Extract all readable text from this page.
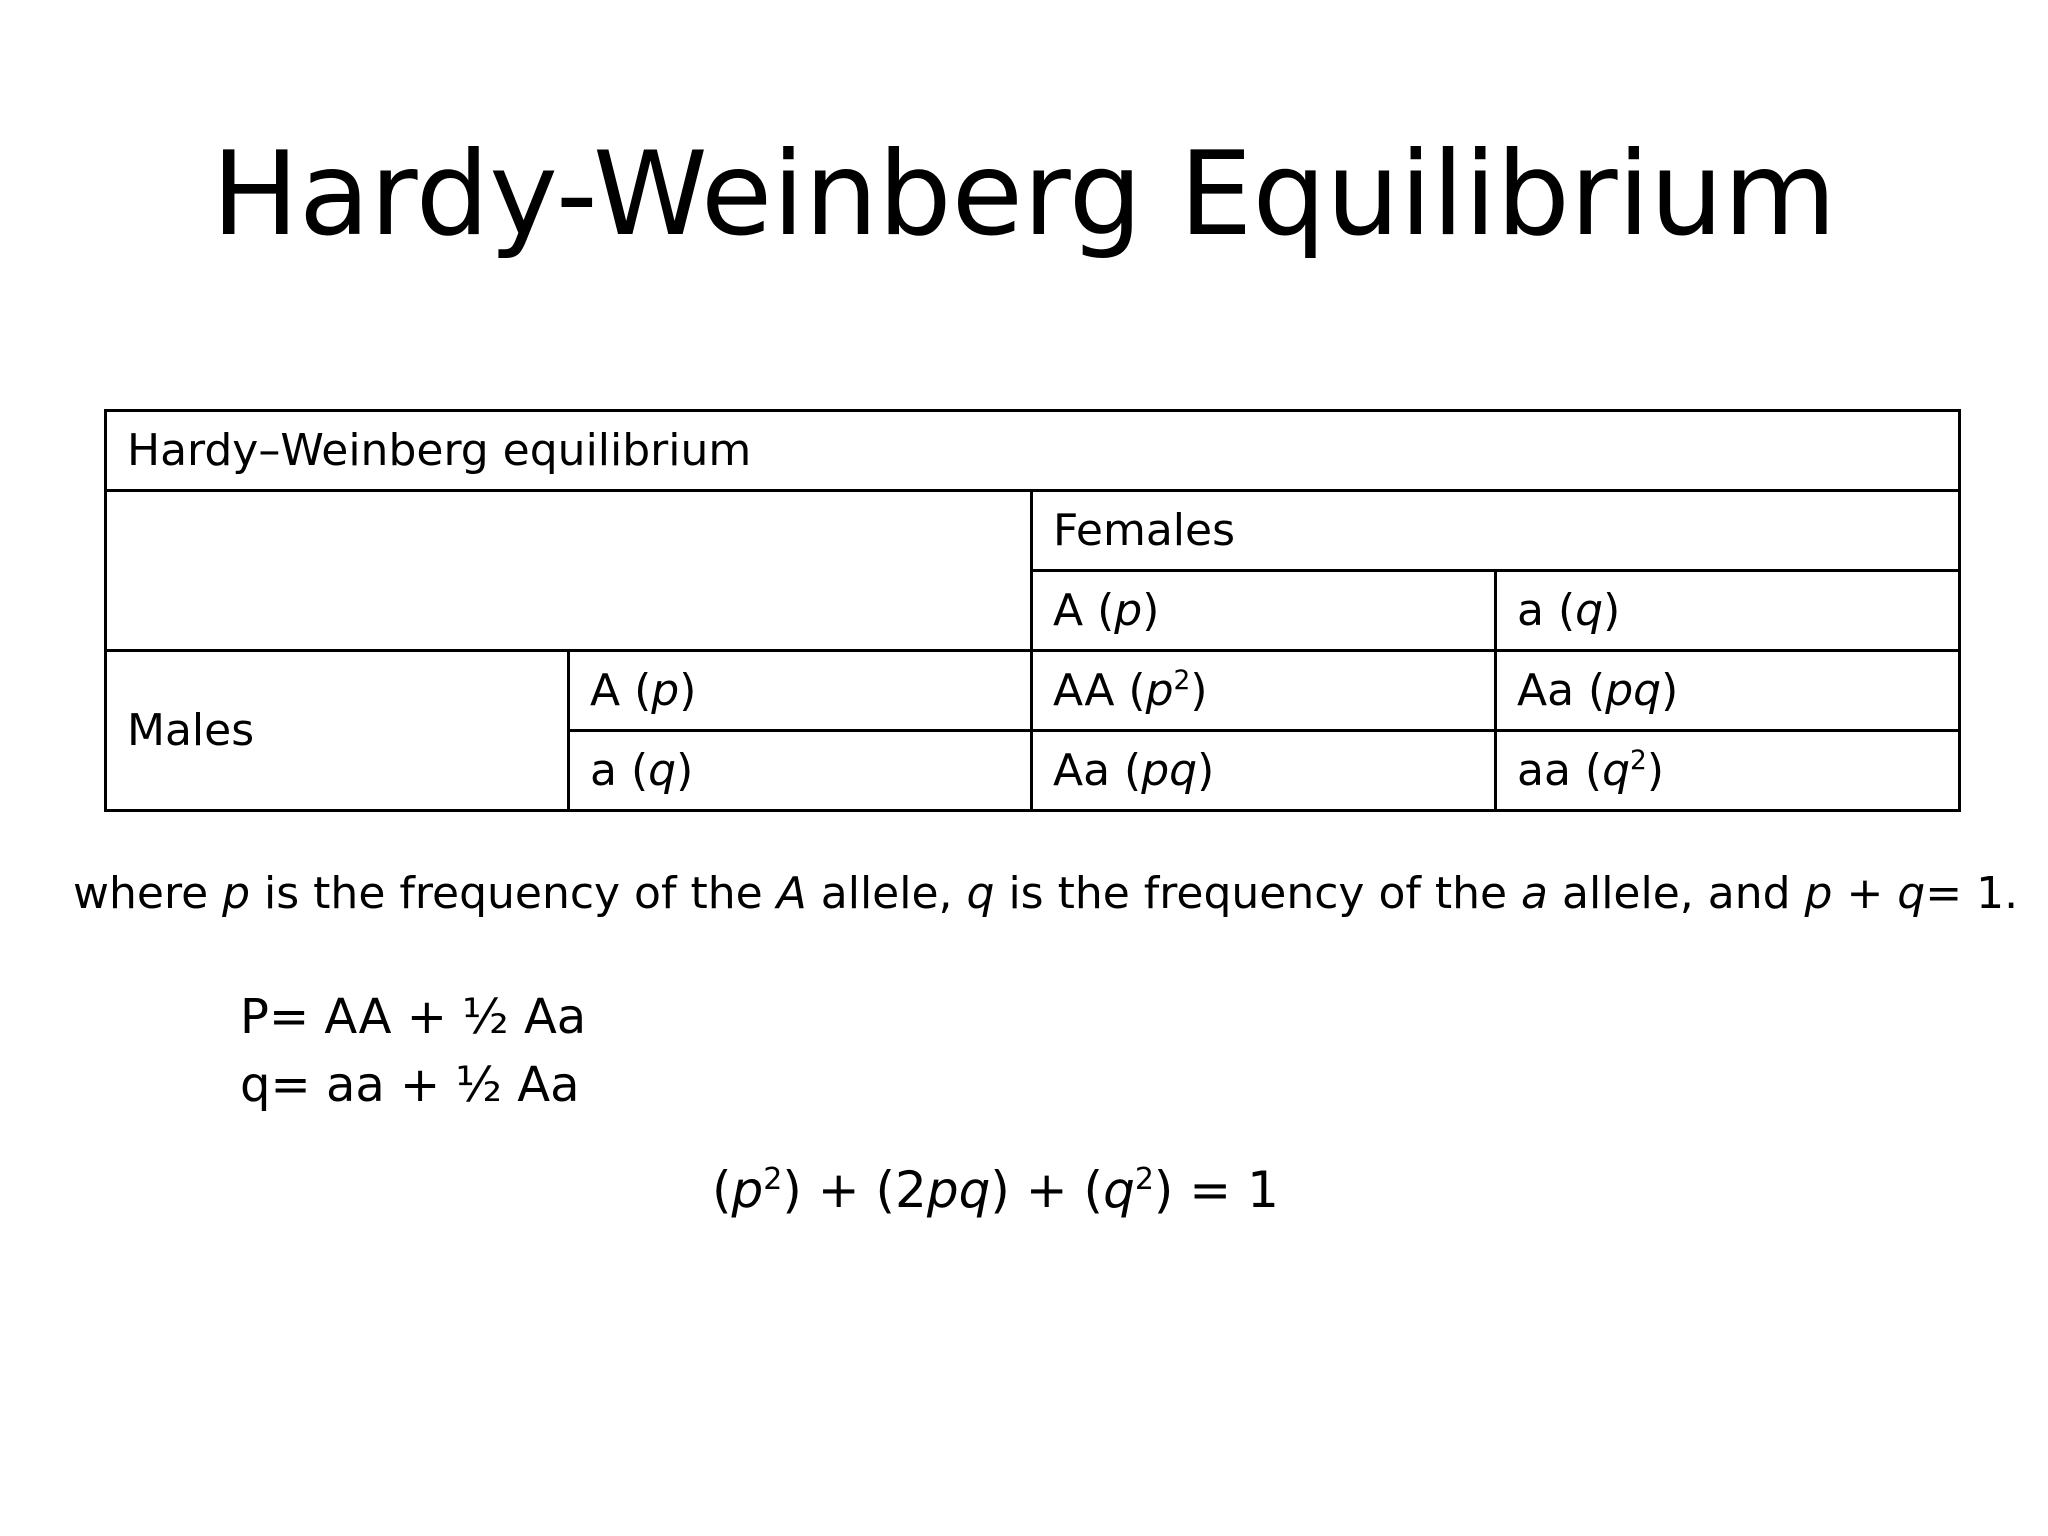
Hardy-Weinberg Equilibrium
Hardy–Weinberg equilibrium			
		Females	
		A (p)	a (q)
Males	A (p)	AA $(p^2)$	Aa (pq)
	a (q)	Aa (pq)	aa $(q^2)$
where p is the frequency of the A allele, q is the frequency of the a allele, and p + q= 1.
P= AA + ½ Aa
q= aa + ½ Aa
$(p^2) + (2pq) + (q^2) = 1$
